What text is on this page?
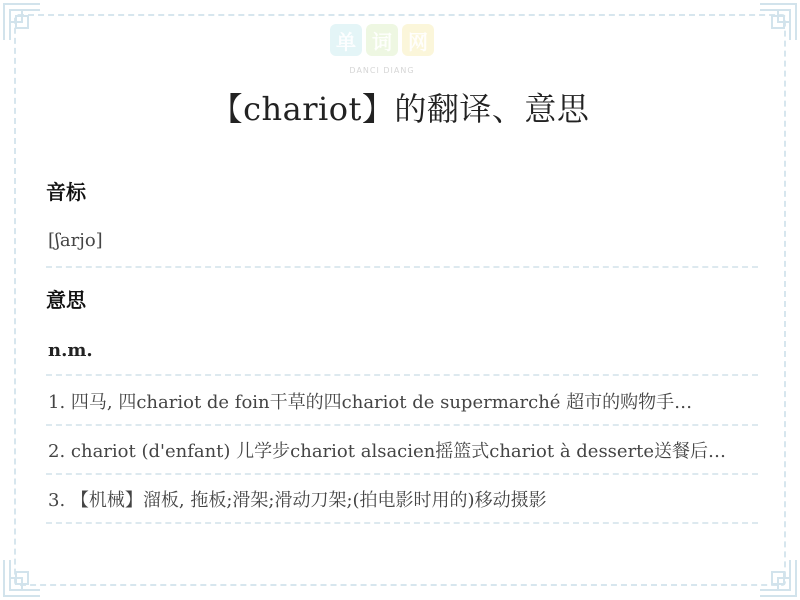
单 词 网
DANCI DIANG
【chariot】的翻译、意思
音标
[ʃarjo]
意思
n.m.
1. 四马, 四chariot de foin干草的四chariot de supermarché 超市的购物手…
2. chariot (d'enfant) 儿学步chariot alsacien摇篮式chariot à desserte送餐后…
3. 【机械】溜板, 拖板;滑架;滑动刀架;(拍电影时用的)移动摄影
